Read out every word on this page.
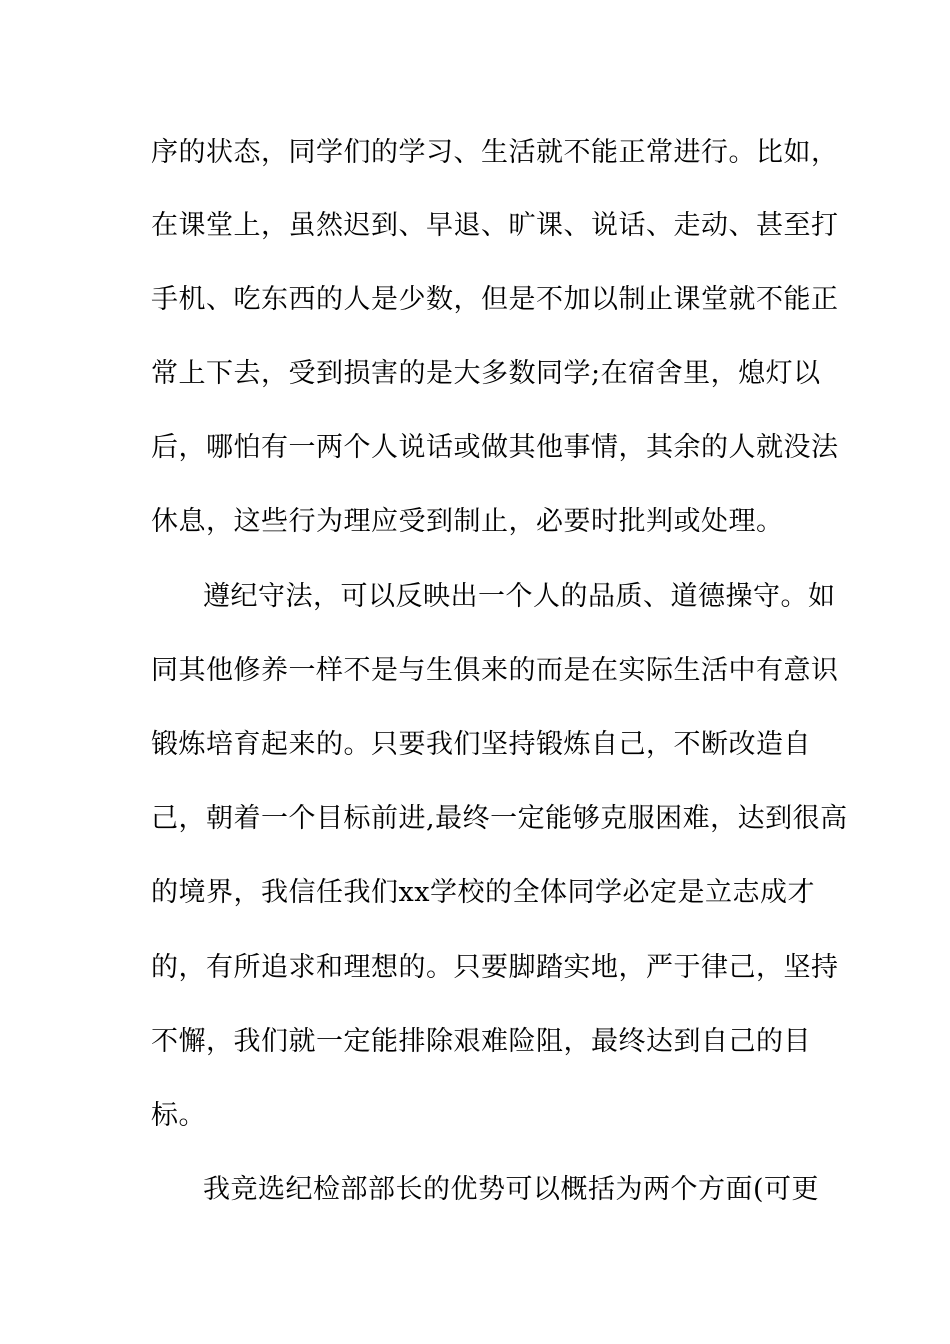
序的状态，同学们的学习、生活就不能正常进行。比如，
在课堂上，虽然迟到、早退、旷课、说话、走动、甚至打
手机、吃东西的人是少数，但是不加以制止课堂就不能正
常上下去，受到损害的是大多数同学;在宿舍里，熄灯以
后，哪怕有一两个人说话或做其他事情，其余的人就没法
休息，这些行为理应受到制止，必要时批判或处理。
遵纪守法，可以反映出一个人的品质、道德操守。如
同其他修养一样不是与生俱来的而是在实际生活中有意识
锻炼培育起来的。只要我们坚持锻炼自己，不断改造自
己，朝着一个目标前进,最终一定能够克服困难，达到很高
的境界，我信任我们xx学校的全体同学必定是立志成才
的，有所追求和理想的。只要脚踏实地，严于律己，坚持
不懈，我们就一定能排除艰难险阻，最终达到自己的目
标。
我竞选纪检部部长的优势可以概括为两个方面(可更
